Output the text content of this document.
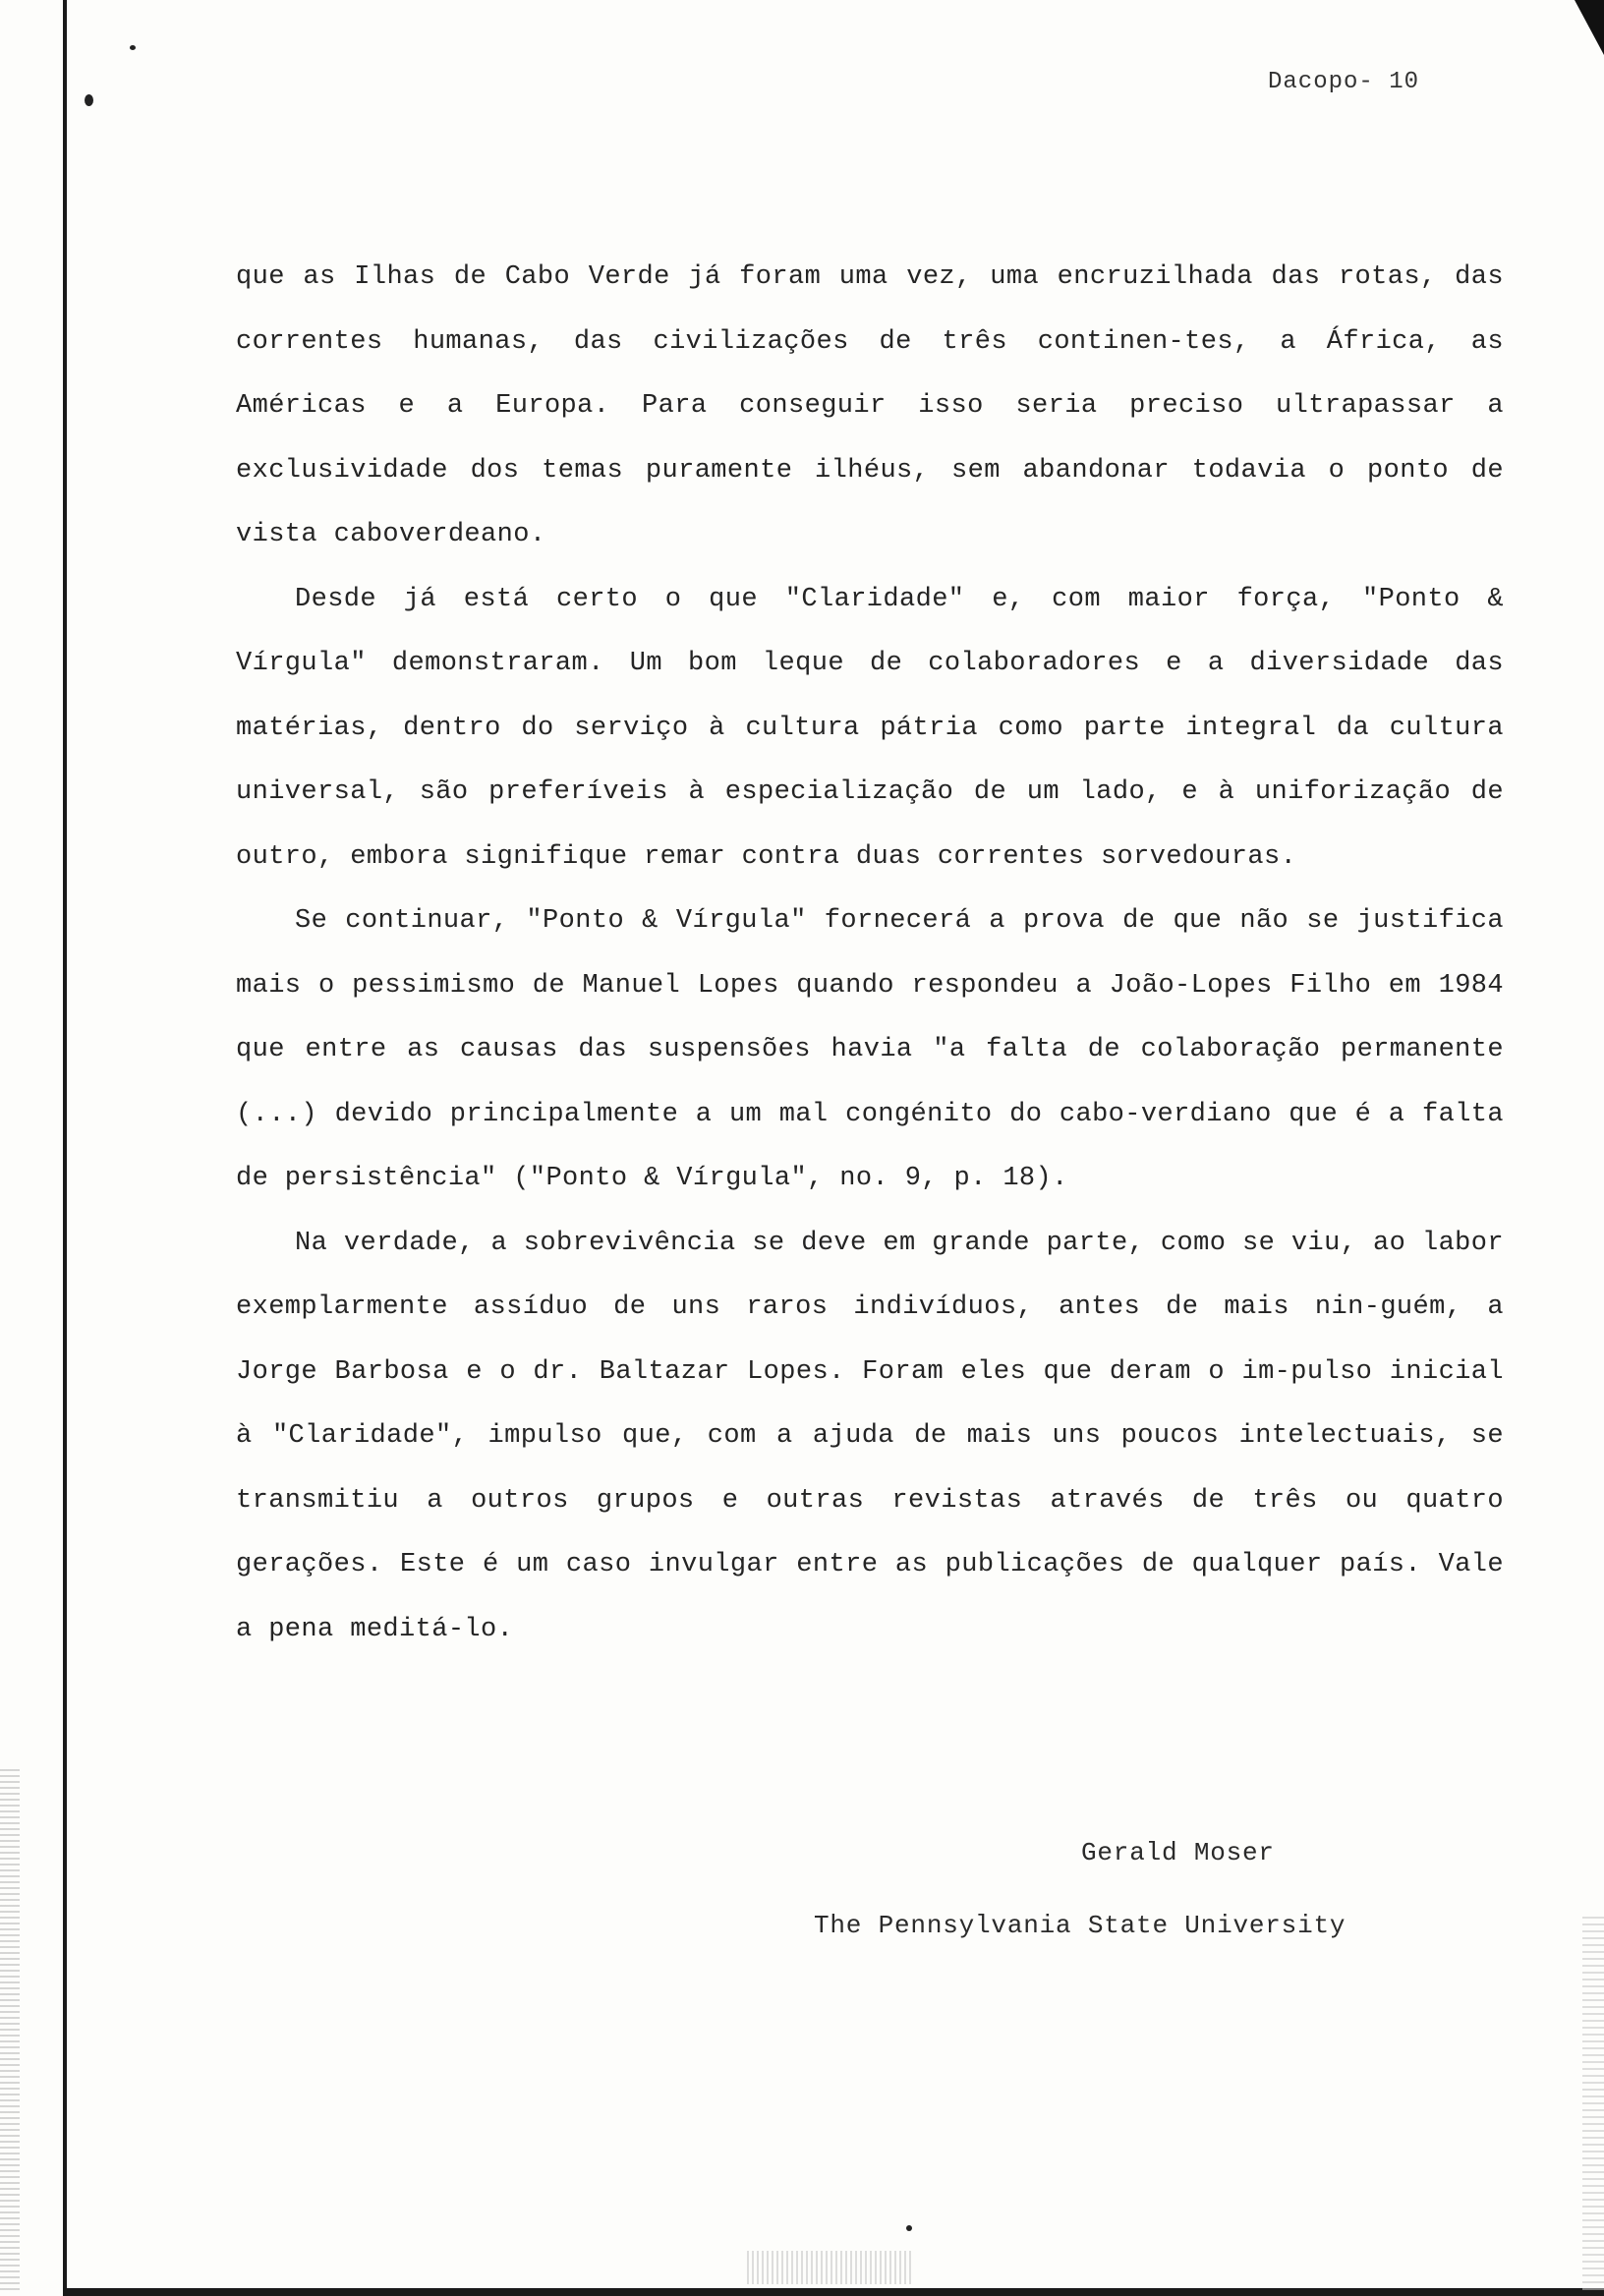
Dacopo- 10

que as Ilhas de Cabo Verde já foram uma vez, uma encruzilhada das rotas, das correntes humanas, das civilizações de três continen-tes, a África, as Américas e a Europa. Para conseguir isso seria preciso ultrapassar a exclusividade dos temas puramente ilhéus, sem abandonar todavia o ponto de vista caboverdeano.

Desde já está certo o que "Claridade" e, com maior força, "Ponto & Vírgula" demonstraram. Um bom leque de colaboradores e a diversidade das matérias, dentro do serviço à cultura pátria como parte integral da cultura universal, são preferíveis à especialização de um lado, e à uniforização de outro, embora signifique remar contra duas correntes sorvedouras.

Se continuar, "Ponto & Vírgula" fornecerá a prova de que não se justifica mais o pessimismo de Manuel Lopes quando respondeu a João-Lopes Filho em 1984 que entre as causas das suspensões havia "a falta de colaboração permanente (...) devido principalmente a um mal congénito do cabo-verdiano que é a falta de persistência" ("Ponto & Vírgula", no. 9, p. 18).

Na verdade, a sobrevivência se deve em grande parte, como se viu, ao labor exemplarmente assíduo de uns raros indivíduos, antes de mais nin-guém, a Jorge Barbosa e o dr. Baltazar Lopes. Foram eles que deram o im-pulso inicial à "Claridade", impulso que, com a ajuda de mais uns poucos intelectuais, se transmitiu a outros grupos e outras revistas através de três ou quatro gerações. Este é um caso invulgar entre as publicações de qualquer país. Vale a pena meditá-lo.

Gerald Moser
The Pennsylvania State University
